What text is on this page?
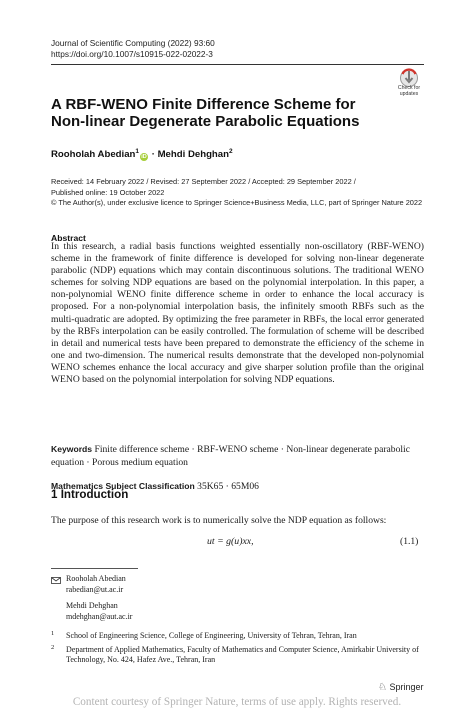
Journal of Scientific Computing (2022) 93:60
https://doi.org/10.1007/s10915-022-02022-3
Check for
updates
A RBF-WENO Finite Difference Scheme for Non-linear Degenerate Parabolic Equations
Rooholah Abedian$^1$iD · Mehdi Dehghan$^2$
Received: 14 February 2022 / Revised: 27 September 2022 / Accepted: 29 September 2022 /
Published online: 19 October 2022
© The Author(s), under exclusive licence to Springer Science+Business Media, LLC, part of Springer Nature 2022
Abstract
In this research, a radial basis functions weighted essentially non-oscillatory (RBF-WENO) scheme in the framework of finite difference is developed for solving non-linear degenerate parabolic (NDP) equations which may contain discontinuous solutions. The traditional WENO schemes for solving NDP equations are based on the polynomial interpolation. In this paper, a non-polynomial WENO finite difference scheme in order to enhance the local accuracy is proposed. For a non-polynomial interpolation basis, the infinitely smooth RBFs such as the multi-quadratic are adopted. By optimizing the free parameter in RBFs, the local error generated by the RBFs interpolation can be easily controlled. The formulation of scheme will be described in detail and numerical tests have been prepared to demonstrate the efficiency of the scheme in one and two-dimension. The numerical results demonstrate that the developed non-polynomial WENO schemes enhance the local accuracy and give sharper solution profile than the original WENO based on the polynomial interpolation for solving NDP equations.
Keywords Finite difference scheme · RBF-WENO scheme · Non-linear degenerate parabolic equation · Porous medium equation
Mathematics Subject Classification 35K65 · 65M06
1 Introduction
The purpose of this research work is to numerically solve the NDP equation as follows:
ut = g(u)xx,	(1.1)
Rooholah Abedian
rabedian@ut.ac.ir
Mehdi Dehghan
mdehghan@aut.ac.ir
1 School of Engineering Science, College of Engineering, University of Tehran, Tehran, Iran
2 Department of Applied Mathematics, Faculty of Mathematics and Computer Science, Amirkabir University of Technology, No. 424, Hafez Ave., Tehran, Iran
♘ Springer
Content courtesy of Springer Nature, terms of use apply. Rights reserved.
